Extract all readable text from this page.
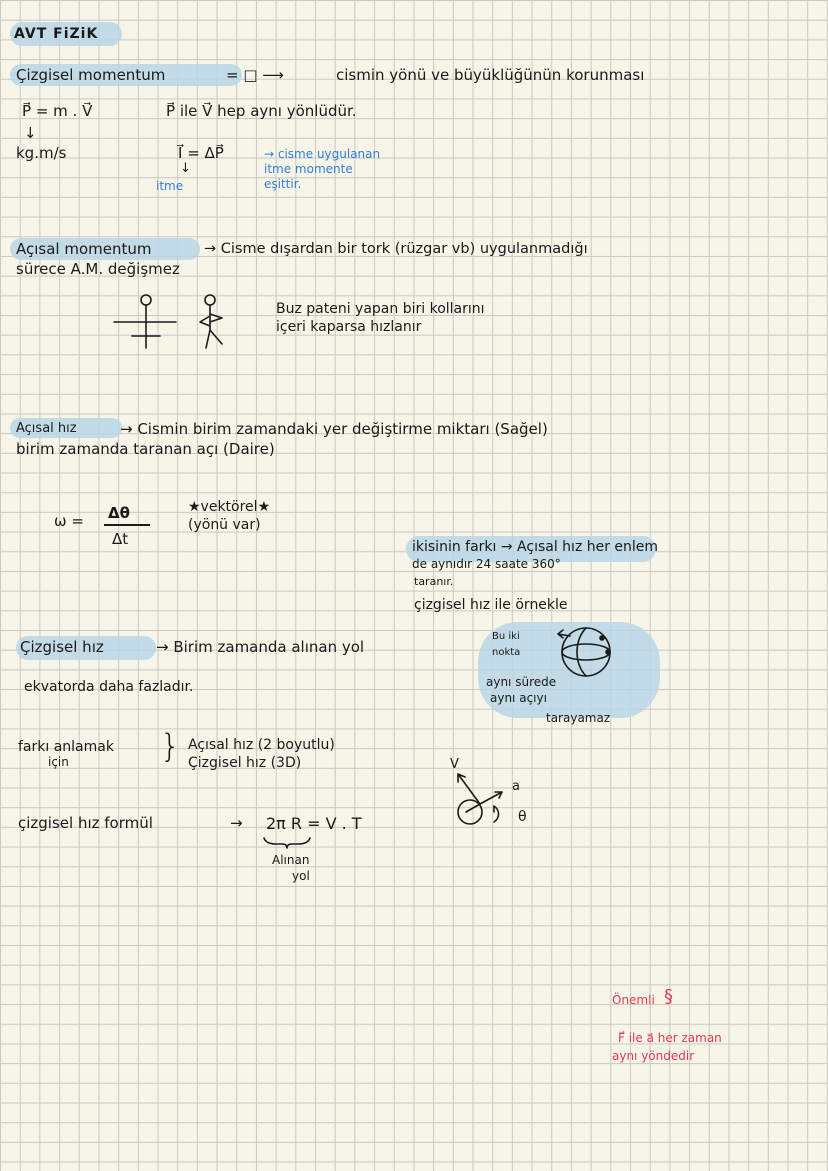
AVT FiZiK
Çizgisel momentum	= □ ⟶	cismin yönü ve büyüklüğünün korunması
P⃗ = m . V⃗	P⃗ ile V⃗ hep aynı yönlüdür.
↓
kg.m/s	I⃗ = ΔP⃗
↓
itme
→ cisme uygulanan
itme momente
eşittir.
Açısal momentum	→ Cisme dışardan bir tork (rüzgar vb) uygulanmadığı
sürece A.M. değişmez
Buz pateni yapan biri kollarını
içeri kaparsa hızlanır
Açısal hız	→ Cismin birim zamandaki yer değiştirme miktarı (Sağel)
birim zamanda taranan açı (Daire)
ω = Δθ
Δt
★vektörel★
(yönü var)
ikisinin farkı → Açısal hız her enlem
de aynıdır 24 saate 360°
taranır.
çizgisel hız ile örnekle
Çizgisel hız	→ Birim zamanda alınan yol
ekvatorda daha fazladır.
Bu iki
nokta
aynı sürede
aynı açıyı
tarayamaz
farkı anlamak
için	} Açısal hız (2 boyutlu)
Çizgisel hız (3D)	V
a
θ
çizgisel hız formül	→ 2π R = V . T
Alınan
yol
Önemli §
F⃗ ile a⃗ her zaman
aynı yöndedir
